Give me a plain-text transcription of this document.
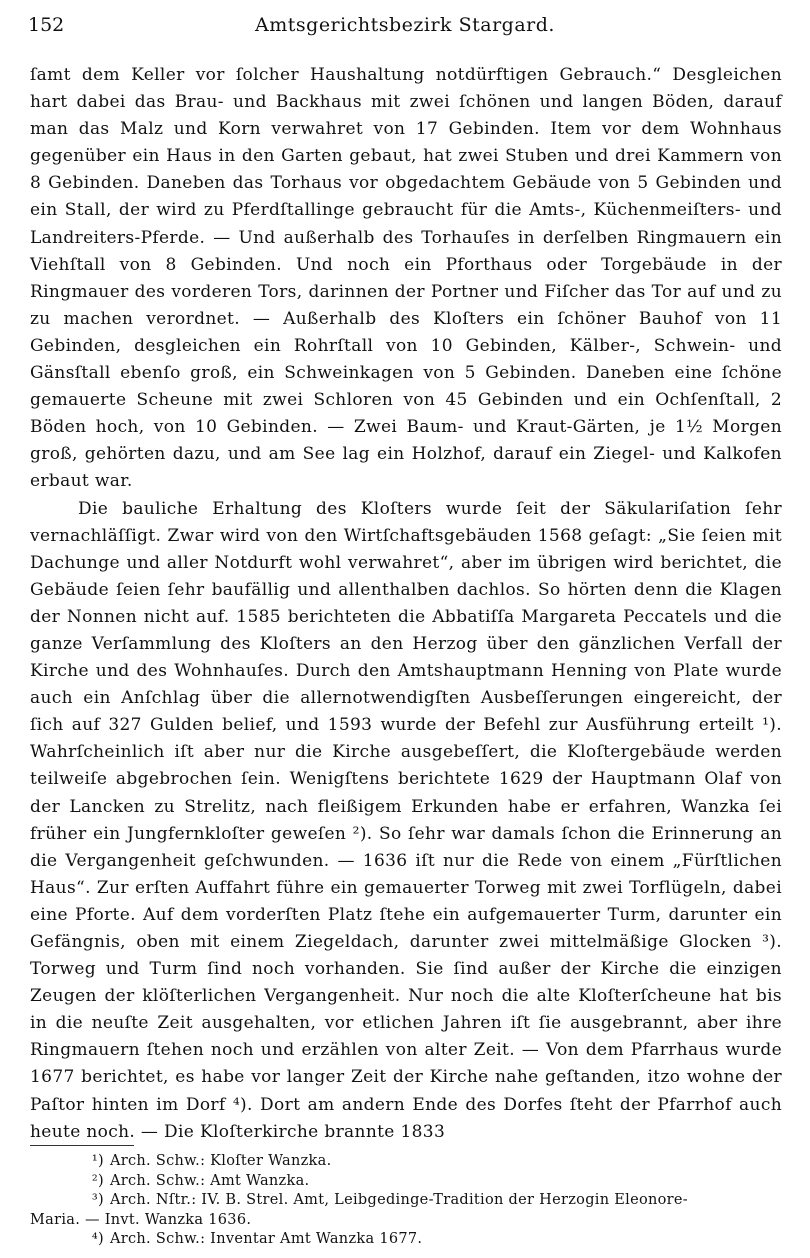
152	Amtsgerichtsbezirk Stargard.

ſamt dem Keller vor ſolcher Haushaltung notdürftigen Gebrauch.“ Desgleichen hart dabei das Brau- und Backhaus mit zwei ſchönen und langen Böden, darauf man das Malz und Korn verwahret von 17 Gebinden. Item vor dem Wohnhaus gegenüber ein Haus in den Garten gebaut, hat zwei Stuben und drei Kammern von 8 Gebinden. Daneben das Torhaus vor obgedachtem Gebäude von 5 Gebinden und ein Stall, der wird zu Pferdſtallinge gebraucht für die Amts-, Küchenmeiſters- und Landreiters-Pferde. — Und außerhalb des Torhauſes in derſelben Ringmauern ein Viehſtall von 8 Gebinden. Und noch ein Pforthaus oder Torgebäude in der Ringmauer des vorderen Tors, darinnen der Portner und Fiſcher das Tor auf und zu zu machen verordnet. — Außerhalb des Kloſters ein ſchöner Bauhof von 11 Gebinden, desgleichen ein Rohrſtall von 10 Gebinden, Kälber-, Schwein- und Gänsſtall ebenſo groß, ein Schweinkagen von 5 Gebinden. Daneben eine ſchöne gemauerte Scheune mit zwei Schloren von 45 Gebinden und ein Ochſenſtall, 2 Böden hoch, von 10 Gebinden. — Zwei Baum- und Kraut-Gärten, je 1½ Morgen groß, gehörten dazu, und am See lag ein Holzhof, darauf ein Ziegel- und Kalkofen erbaut war.

Die bauliche Erhaltung des Kloſters wurde ſeit der Säkulariſation ſehr vernachläſſigt. Zwar wird von den Wirtſchaftsgebäuden 1568 geſagt: „Sie ſeien mit Dachunge und aller Notdurft wohl verwahret“, aber im übrigen wird berichtet, die Gebäude ſeien ſehr baufällig und allenthalben dachlos. So hörten denn die Klagen der Nonnen nicht auf. 1585 berichteten die Abbatiſſa Margareta Peccatels und die ganze Verſammlung des Kloſters an den Herzog über den gänzlichen Verfall der Kirche und des Wohnhauſes. Durch den Amtshauptmann Henning von Plate wurde auch ein Anſchlag über die allernotwendigſten Ausbeſſerungen eingereicht, der ſich auf 327 Gulden belief, und 1593 wurde der Befehl zur Ausführung erteilt ¹). Wahrſcheinlich iſt aber nur die Kirche ausgebeſſert, die Kloſtergebäude werden teilweiſe abgebrochen ſein. Wenigſtens berichtete 1629 der Hauptmann Olaf von der Lancken zu Strelitz, nach fleißigem Erkunden habe er erfahren, Wanzka ſei früher ein Jungfernkloſter geweſen ²). So ſehr war damals ſchon die Erinnerung an die Vergangenheit geſchwunden. — 1636 iſt nur die Rede von einem „Fürſtlichen Haus“. Zur erſten Auffahrt führe ein gemauerter Torweg mit zwei Torflügeln, dabei eine Pforte. Auf dem vorderſten Platz ſtehe ein aufgemauerter Turm, darunter ein Gefängnis, oben mit einem Ziegeldach, darunter zwei mittelmäßige Glocken ³). Torweg und Turm ſind noch vorhanden. Sie ſind außer der Kirche die einzigen Zeugen der klöſterlichen Vergangenheit. Nur noch die alte Kloſterſcheune hat bis in die neuſte Zeit ausgehalten, vor etlichen Jahren iſt ſie ausgebrannt, aber ihre Ringmauern ſtehen noch und erzählen von alter Zeit. — Von dem Pfarrhaus wurde 1677 berichtet, es habe vor langer Zeit der Kirche nahe geſtanden, itzo wohne der Paſtor hinten im Dorf ⁴). Dort am andern Ende des Dorfes ſteht der Pfarrhof auch heute noch. — Die Kloſterkirche brannte 1833

¹) Arch. Schw.: Kloſter Wanzka.

²) Arch. Schw.: Amt Wanzka.

³) Arch. Nſtr.: IV. B. Strel. Amt, Leibgedinge-Tradition der Herzogin Eleonore-

Maria. — Invt. Wanzka 1636.

⁴) Arch. Schw.: Inventar Amt Wanzka 1677.
